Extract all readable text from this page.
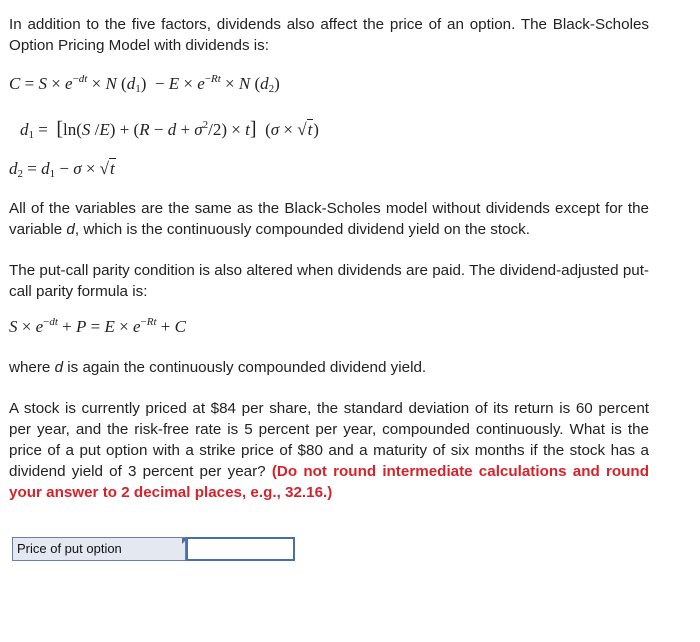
In addition to the five factors, dividends also affect the price of an option. The Black-Scholes Option Pricing Model with dividends is:
$C = S \times e^{-dt} \times N$ $(d_1) - E \times e^{-Rt} \times N$ $(d_2)$
$d_1 = [\ln(S$ $/E) + (R - d + \sigma^2/2) \times t$]  (σ × √t)
$d_2 = d_1 - \sigma \times √t$
All of the variables are the same as the Black-Scholes model without dividends except for the variable d, which is the continuously compounded dividend yield on the stock.
The put-call parity condition is also altered when dividends are paid. The dividend-adjusted put-call parity formula is:
$S \times e^{-dt} + P = E \times e^{-Rt} + C$
where d is again the continuously compounded dividend yield.
A stock is currently priced at $84 per share, the standard deviation of its return is 60 percent per year, and the risk-free rate is 5 percent per year, compounded continuously. What is the price of a put option with a strike price of $80 and a maturity of six months if the stock has a dividend yield of 3 percent per year? (Do not round intermediate calculations and round your answer to 2 decimal places, e.g., 32.16.)
Price of put option
